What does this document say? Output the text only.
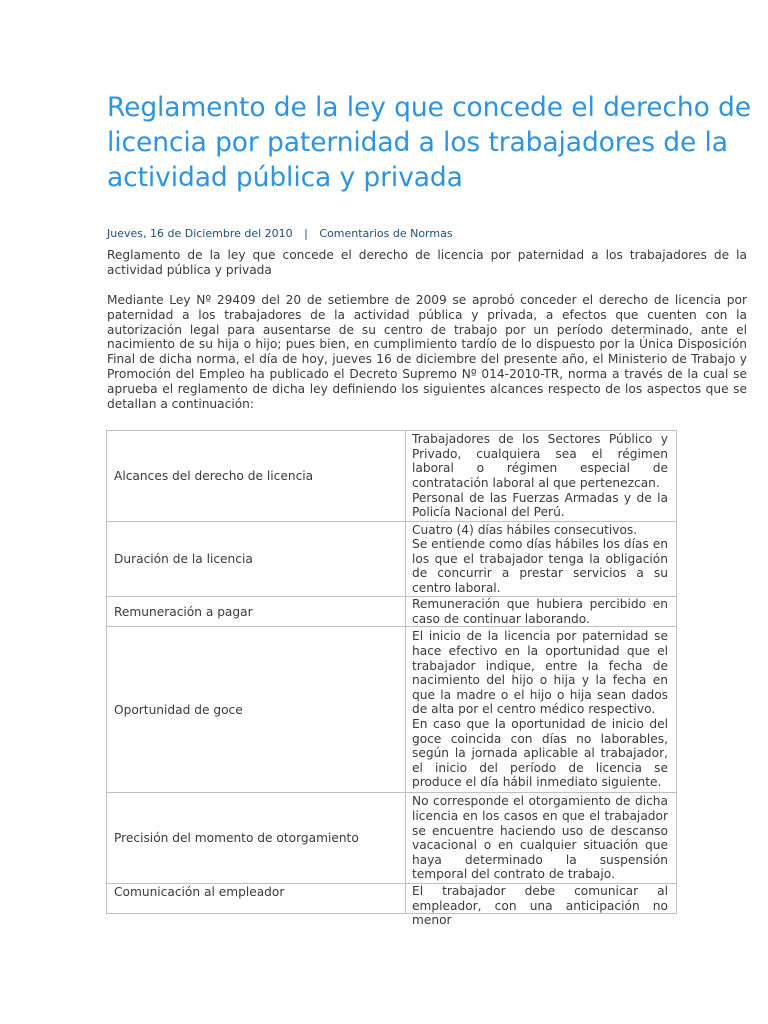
Reglamento de la ley que concede el derecho de licencia por paternidad a los trabajadores de la actividad pública y privada
Jueves, 16 de Diciembre del 2010 | Comentarios de Normas

Reglamento de la ley que concede el derecho de licencia por paternidad a los trabajadores de la actividad pública y privada

Mediante Ley Nº 29409 del 20 de setiembre de 2009 se aprobó conceder el derecho de licencia por paternidad a los trabajadores de la actividad pública y privada, a efectos que cuenten con la autorización legal para ausentarse de su centro de trabajo por un período determinado, ante el nacimiento de su hija o hijo; pues bien, en cumplimiento tardío de lo dispuesto por la Única Disposición Final de dicha norma, el día de hoy, jueves 16 de diciembre del presente año, el Ministerio de Trabajo y Promoción del Empleo ha publicado el Decreto Supremo Nº 014-2010-TR, norma a través de la cual se aprueba el reglamento de dicha ley definiendo los siguientes alcances respecto de los aspectos que se detallan a continuación:

Alcances del derecho de licencia	Trabajadores de los Sectores Público y Privado, cualquiera sea el régimen laboral o régimen especial de contratación laboral al que pertenezcan.
Personal de las Fuerzas Armadas y de la Policía Nacional del Perú.

Duración de la licencia	Cuatro (4) días hábiles consecutivos.
Se entiende como días hábiles los días en los que el trabajador tenga la obligación de concurrir a prestar servicios a su centro laboral.

Remuneración a pagar	Remuneración que hubiera percibido en caso de continuar laborando.

Oportunidad de goce	El inicio de la licencia por paternidad se hace efectivo en la oportunidad que el trabajador indique, entre la fecha de nacimiento del hijo o hija y la fecha en que la madre o el hijo o hija sean dados de alta por el centro médico respectivo.
En caso que la oportunidad de inicio del goce coincida con días no laborables, según la jornada aplicable al trabajador, el inicio del período de licencia se produce el día hábil inmediato siguiente.

Precisión del momento de otorgamiento	No corresponde el otorgamiento de dicha licencia en los casos en que el trabajador se encuentre haciendo uso de descanso vacacional o en cualquier situación que haya determinado la suspensión temporal del contrato de trabajo.

Comunicación al empleador	El trabajador debe comunicar al empleador, con una anticipación no menor
